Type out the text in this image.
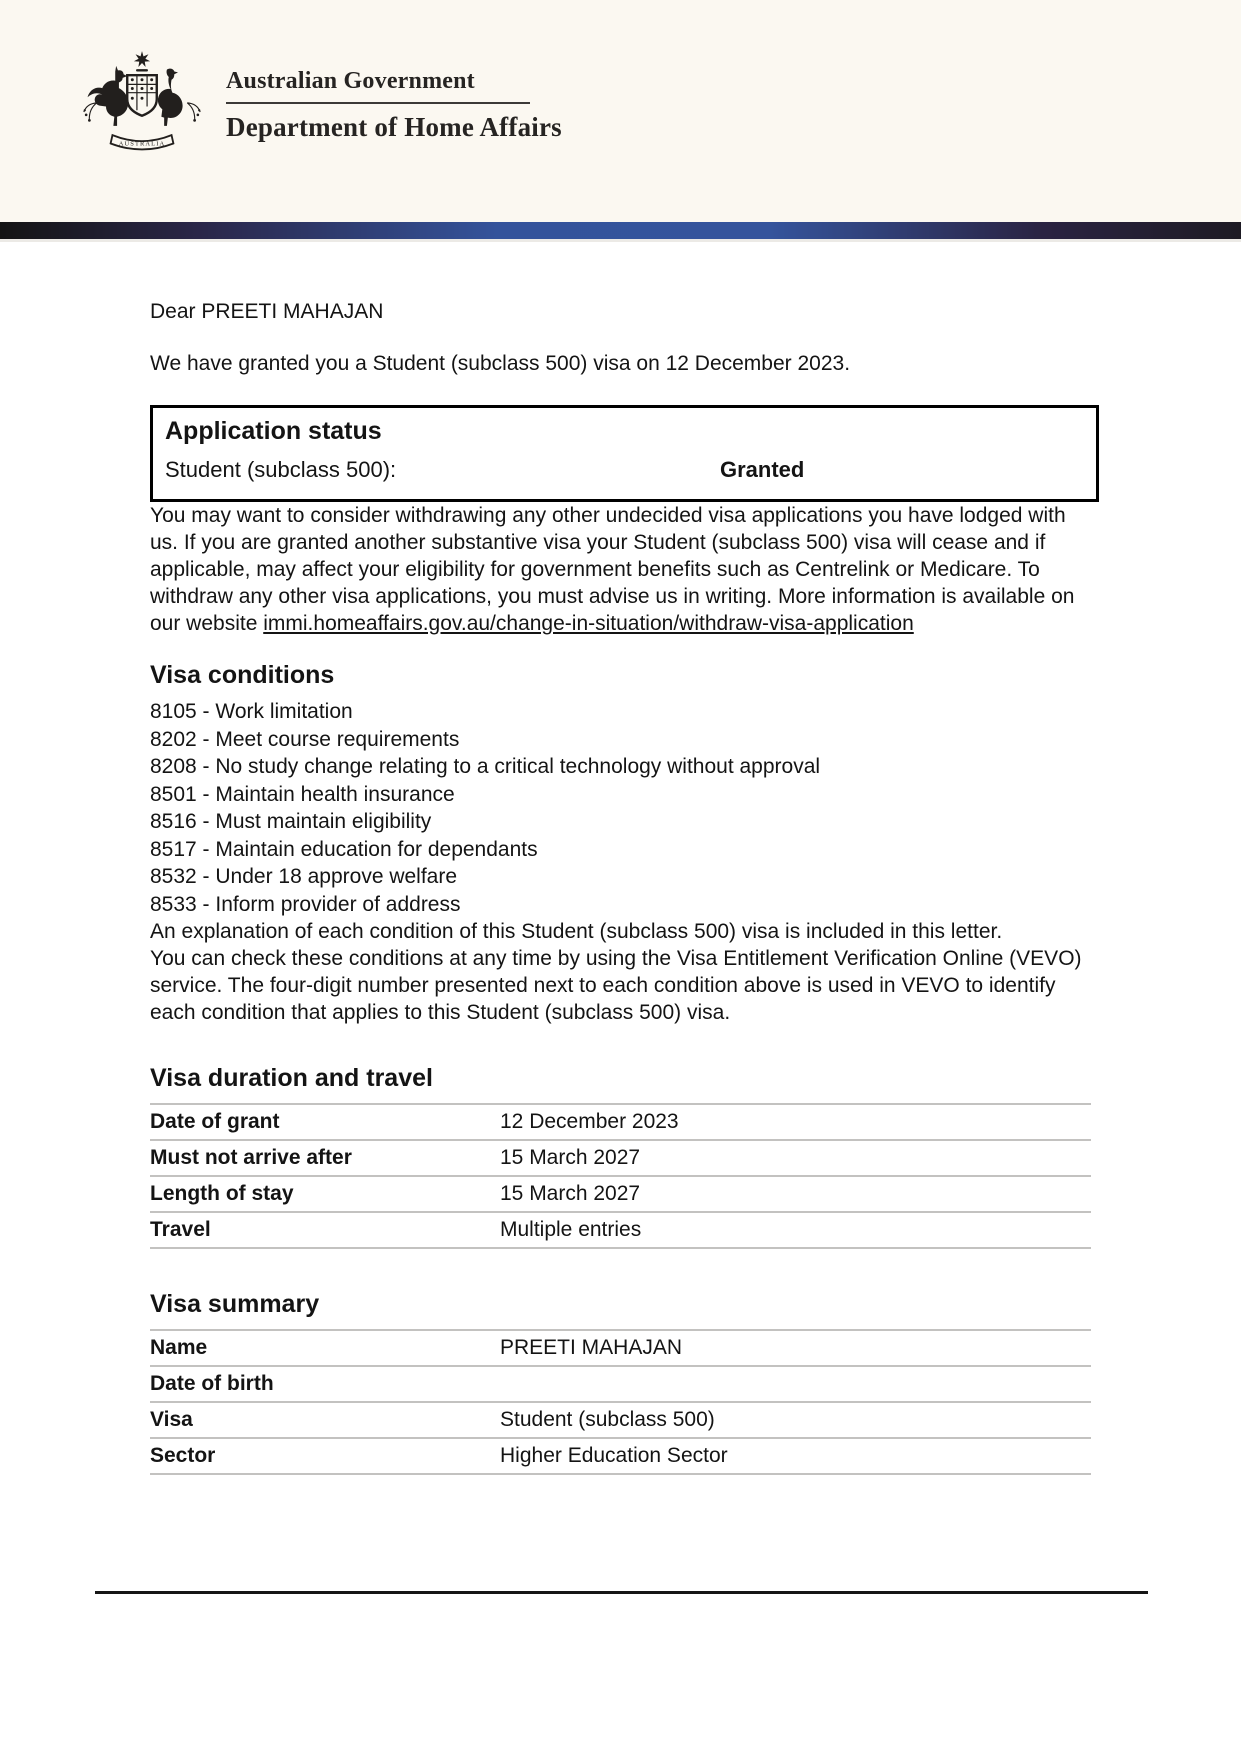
AUSTRALIA
Australian Government
Department of Home Affairs

Dear PREETI MAHAJAN

We have granted you a Student (subclass 500) visa on 12 December 2023.

Application status
Student (subclass 500):	Granted

You may want to consider withdrawing any other undecided visa applications you have lodged with us. If you are granted another substantive visa your Student (subclass 500) visa will cease and if applicable, may affect your eligibility for government benefits such as Centrelink or Medicare. To withdraw any other visa applications, you must advise us in writing. More information is available on our website immi.homeaffairs.gov.au/change-in-situation/withdraw-visa-application

Visa conditions
8105 - Work limitation
8202 - Meet course requirements
8208 - No study change relating to a critical technology without approval
8501 - Maintain health insurance
8516 - Must maintain eligibility
8517 - Maintain education for dependants
8532 - Under 18 approve welfare
8533 - Inform provider of address

An explanation of each condition of this Student (subclass 500) visa is included in this letter.

You can check these conditions at any time by using the Visa Entitlement Verification Online (VEVO) service. The four-digit number presented next to each condition above is used in VEVO to identify each condition that applies to this Student (subclass 500) visa.

Visa duration and travel
Date of grant	12 December 2023
Must not arrive after	15 March 2027
Length of stay	15 March 2027
Travel	Multiple entries
Visa summary
Name	PREETI MAHAJAN
Date of birth	
Visa	Student (subclass 500)
Sector	Higher Education Sector
